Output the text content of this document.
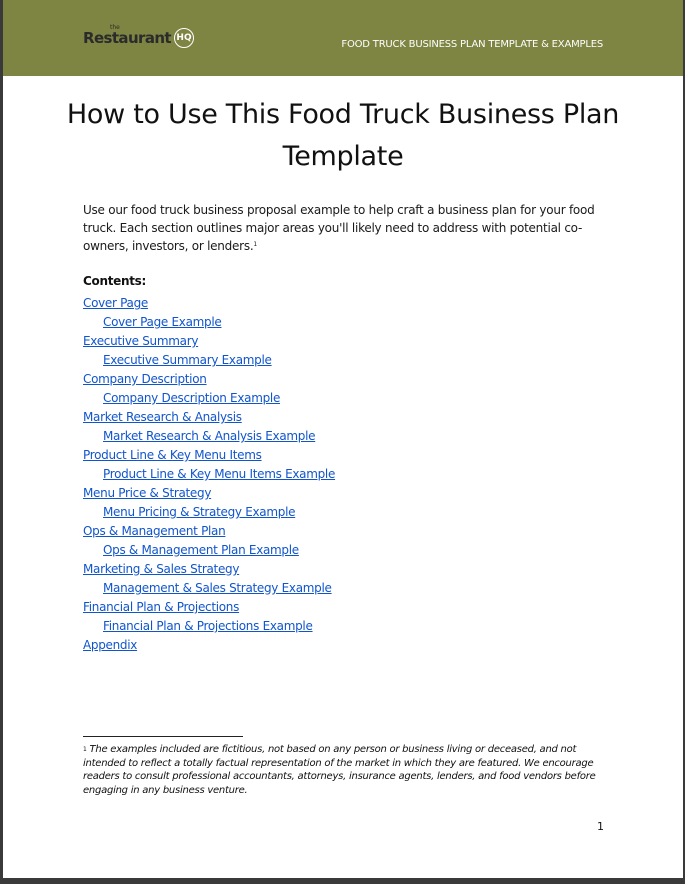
the
Restaurant HQ
FOOD TRUCK BUSINESS PLAN TEMPLATE & EXAMPLES
How to Use This Food Truck Business Plan Template

Use our food truck business proposal example to help craft a business plan for your food truck. Each section outlines major areas you'll likely need to address with potential co-owners, investors, or lenders.$^1$

Contents:
Cover Page
Cover Page Example
Executive Summary
Executive Summary Example
Company Description
Company Description Example
Market Research & Analysis
Market Research & Analysis Example
Product Line & Key Menu Items
Product Line & Key Menu Items Example
Menu Price & Strategy
Menu Pricing & Strategy Example
Ops & Management Plan
Ops & Management Plan Example
Marketing & Sales Strategy
Management & Sales Strategy Example
Financial Plan & Projections
Financial Plan & Projections Example
Appendix

$^1$ The examples included are fictitious, not based on any person or business living or deceased, and not intended to reflect a totally factual representation of the market in which they are featured. We encourage readers to consult professional accountants, attorneys, insurance agents, lenders, and food vendors before engaging in any business venture.

1
